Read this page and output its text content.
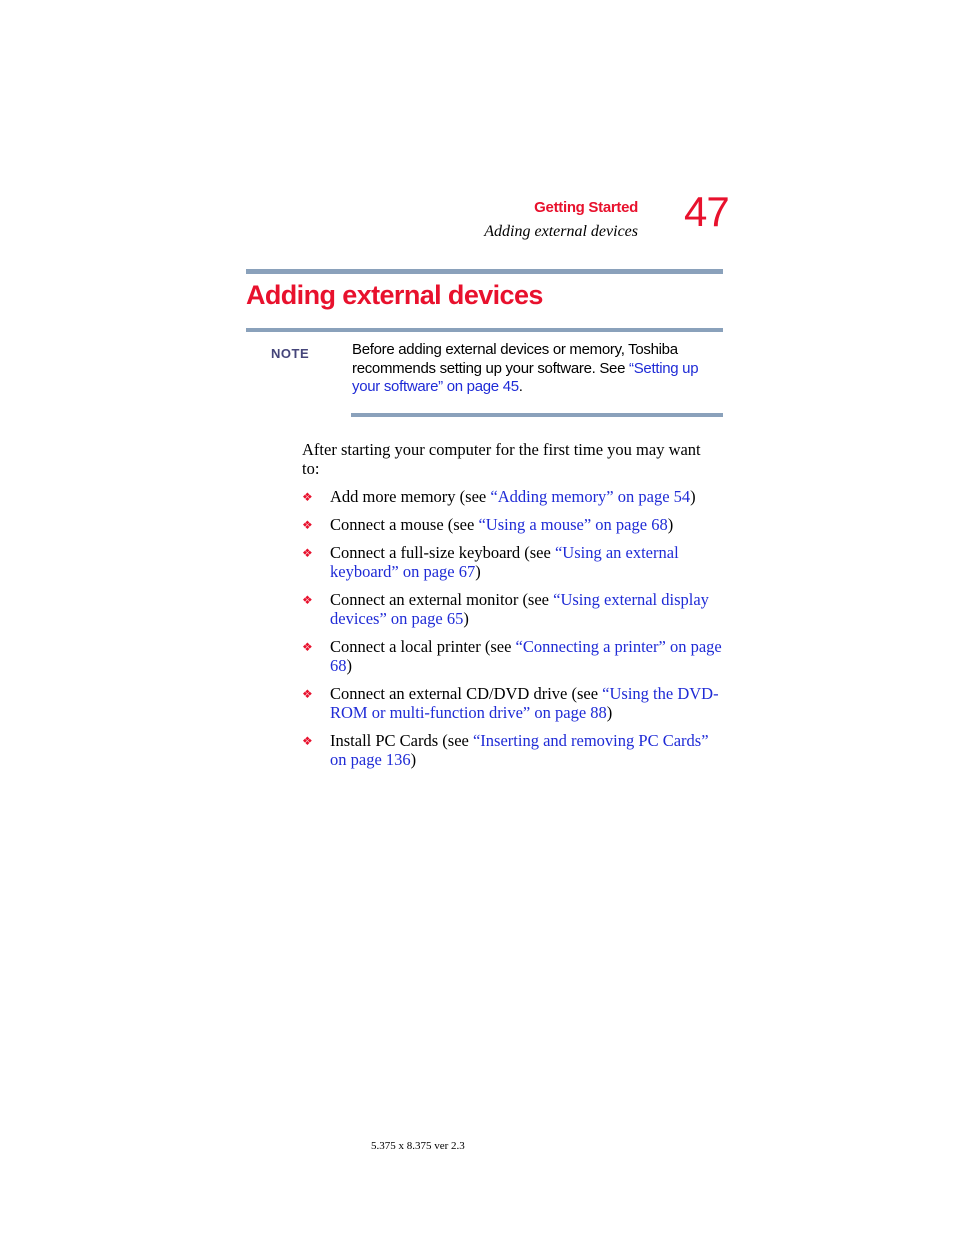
Getting Started
Adding external devices 47
Adding external devices
NOTE	Before adding external devices or memory, Toshiba recommends setting up your software. See “Setting up your software” on page 45.
After starting your computer for the first time you may want to:
❖ Add more memory (see “Adding memory” on page 54)
❖ Connect a mouse (see “Using a mouse” on page 68)
❖ Connect a full-size keyboard (see “Using an external keyboard” on page 67)
❖ Connect an external monitor (see “Using external display devices” on page 65)
❖ Connect a local printer (see “Connecting a printer” on page 68)
❖ Connect an external CD/DVD drive (see “Using the DVD-ROM or multi-function drive” on page 88)
❖ Install PC Cards (see “Inserting and removing PC Cards” on page 136)
5.375 x 8.375 ver 2.3
